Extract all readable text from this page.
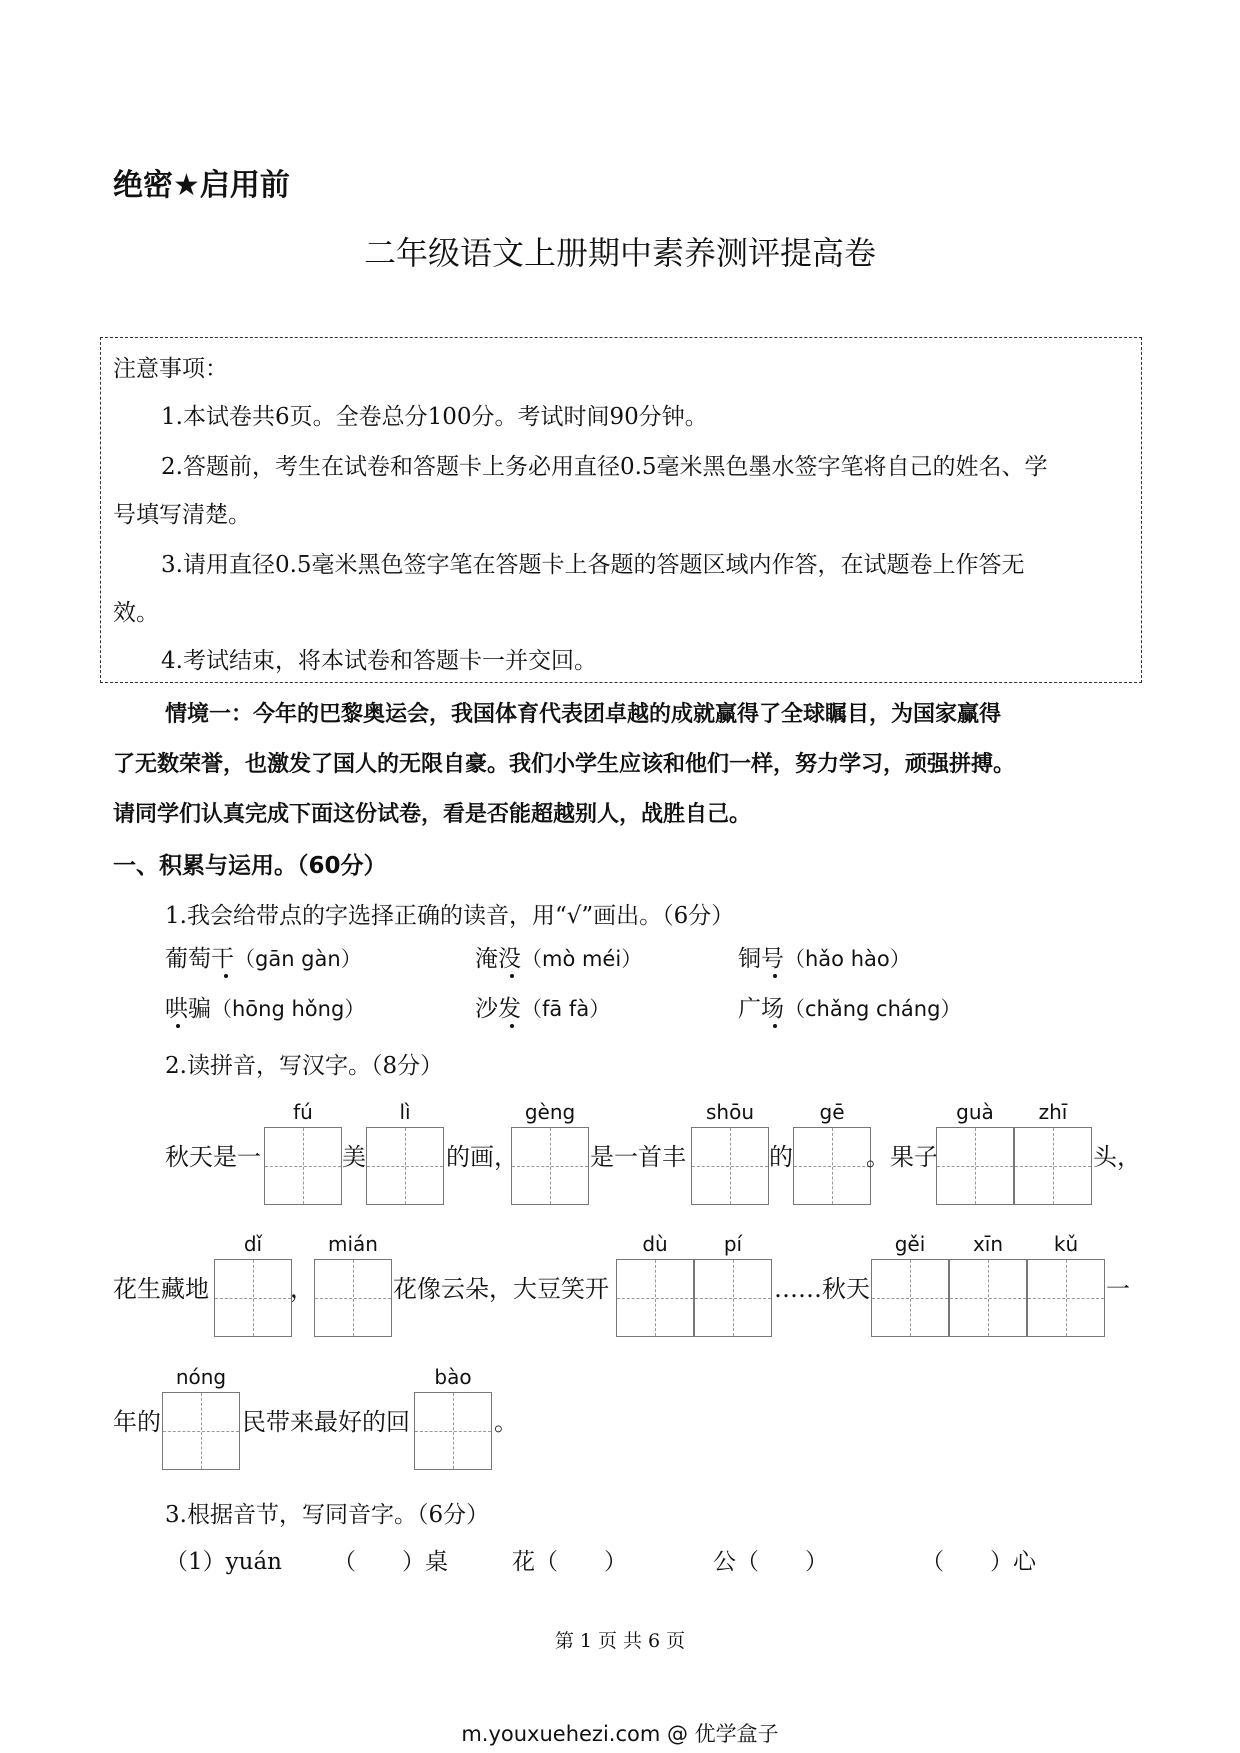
绝密★启用前
二年级语文上册期中素养测评提高卷
注意事项：
1.本试卷共6页。全卷总分100分。考试时间90分钟。
2.答题前，考生在试卷和答题卡上务必用直径0.5毫米黑色墨水签字笔将自己的姓名、学
号填写清楚。
3.请用直径0.5毫米黑色签字笔在答题卡上各题的答题区域内作答，在试题卷上作答无
效。
4.考试结束，将本试卷和答题卡一并交回。
情境一：今年的巴黎奥运会，我国体育代表团卓越的成就赢得了全球瞩目，为国家赢得
了无数荣誉，也激发了国人的无限自豪。我们小学生应该和他们一样，努力学习，顽强拼搏。
请同学们认真完成下面这份试卷，看是否能超越别人，战胜自己。
一、积累与运用。（60分）
1.我会给带点的字选择正确的读音，用“√”画出。（6分）
葡萄干（gān gàn）	淹没（mò méi）	铜号（hǎo hào）
哄骗（hōng hǒng）	沙发（fā fà）	广场（chǎng cháng）
2.读拼音，写汉字。（8分）
fú	lì	gèng	shōu	gē	guà	zhī
秋天是一	美	的画，	是一首丰	的	。果子	头，
dǐ	mián	dù	pí	gěi	xīn	kǔ
花生藏地	，	花像云朵，大豆笑开	……秋天	一
nóng	bào
年的	民带来最好的回	。
3.根据音节，写同音字。（6分）
（1）yuán （　　）桌	花（　　）	公（　　）	（　　）心
第 1 页 共 6 页
m.youxuehezi.com @ 优学盒子
